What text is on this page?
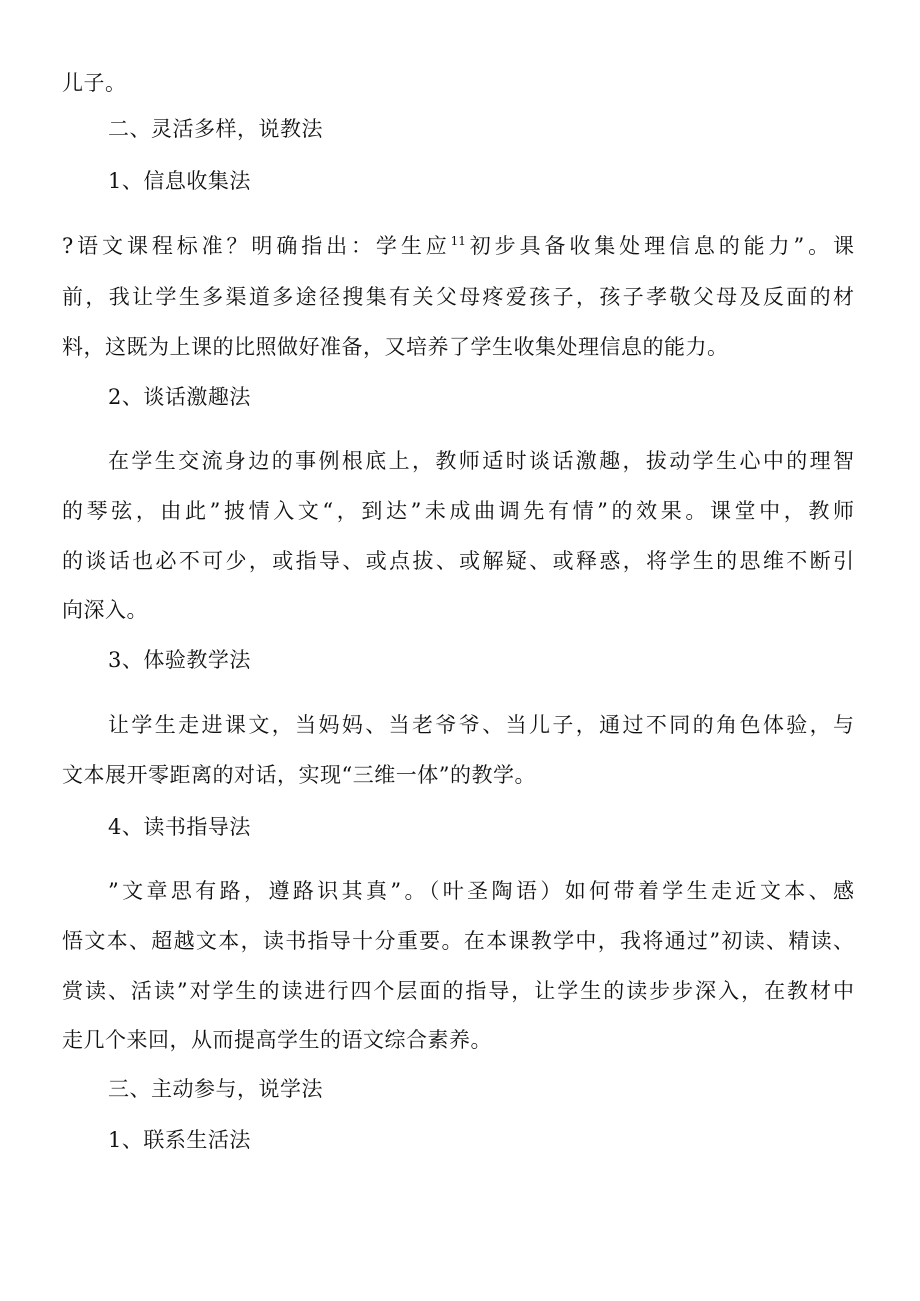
儿子。
二、灵活多样，说教法
1、信息收集法
?语文课程标准？明确指出：学生应$^{11}$初步具备收集处理信息的能力”。课
前，我让学生多渠道多途径搜集有关父母疼爱孩子，孩子孝敬父母及反面的材
料，这既为上课的比照做好准备，又培养了学生收集处理信息的能力。
2、谈话激趣法
在学生交流身边的事例根底上，教师适时谈话激趣，拔动学生心中的理智
的琴弦，由此”披情入文“，到达”未成曲调先有情”的效果。课堂中，教师
的谈话也必不可少，或指导、或点拔、或解疑、或释惑，将学生的思维不断引
向深入。
3、体验教学法
让学生走进课文，当妈妈、当老爷爷、当儿子，通过不同的角色体验，与
文本展开零距离的对话，实现“三维一体”的教学。
4、读书指导法
”文章思有路，遵路识其真”。（叶圣陶语）如何带着学生走近文本、感
悟文本、超越文本，读书指导十分重要。在本课教学中，我将通过”初读、精读、
赏读、活读”对学生的读进行四个层面的指导，让学生的读步步深入，在教材中
走几个来回，从而提高学生的语文综合素养。
三、主动参与，说学法
1、联系生活法
